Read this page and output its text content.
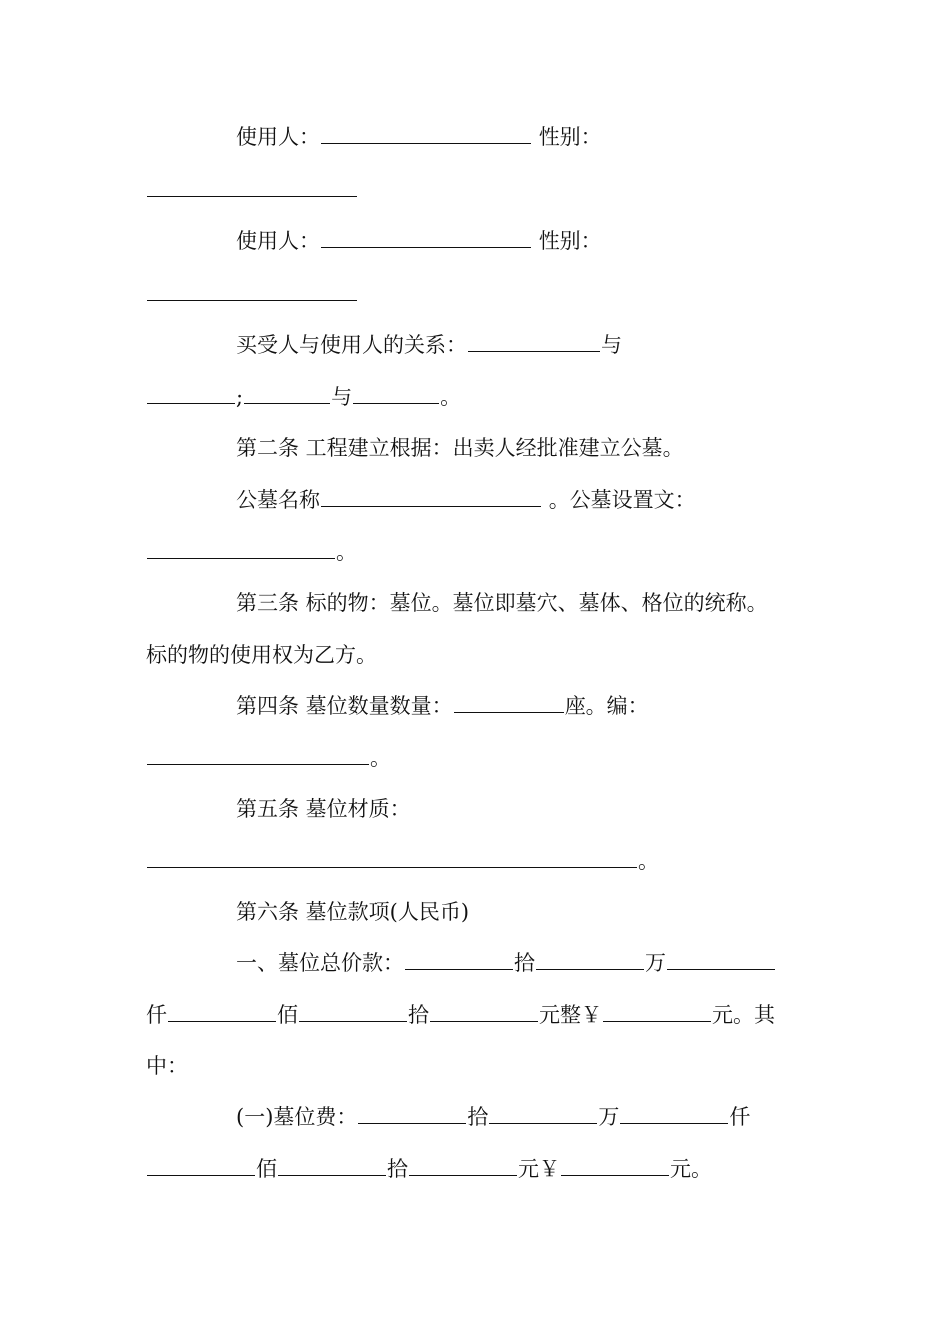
使用人：	性别：
使用人：	性别：
买受人与使用人的关系：	与
;	与	。
第二条 工程建立根据：出卖人经批准建立公墓。
公墓名称	。公墓设置文：
。
第三条 标的物：墓位。墓位即墓穴、墓体、格位的统称。
标的物的使用权为乙方。
第四条 墓位数量数量：	座。编：
。
第五条 墓位材质：
。
第六条 墓位款项(人民币)
一、墓位总价款：	拾	万
仟	佰	拾	元整￥	元。其
中：
(一)墓位费：	拾	万	仟
佰	拾	元￥	元。
